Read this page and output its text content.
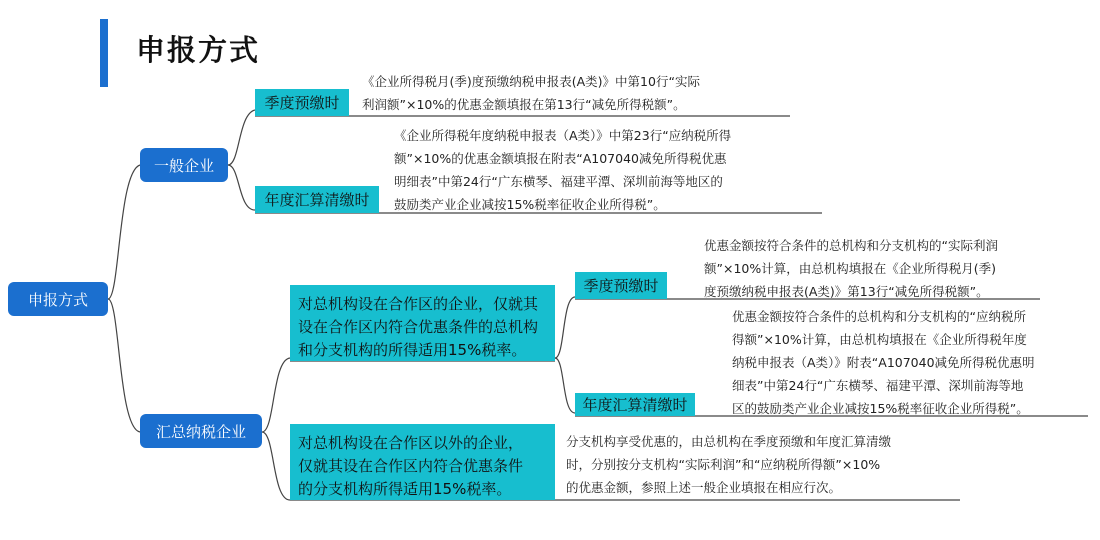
申报方式
申报方式
一般企业
季度预缴时
《企业所得税月(季)度预缴纳税申报表(A类)》中第10行“实际
利润额”×10%的优惠金额填报在第13行“减免所得税额”。
年度汇算清缴时
《企业所得税年度纳税申报表（A类）》中第23行“应纳税所得
额”×10%的优惠金额填报在附表“A107040减免所得税优惠
明细表”中第24行“广东横琴、福建平潭、深圳前海等地区的
鼓励类产业企业减按15%税率征收企业所得税”。
汇总纳税企业
对总机构设在合作区的企业，仅就其
设在合作区内符合优惠条件的总机构
和分支机构的所得适用15%税率。
季度预缴时
优惠金额按符合条件的总机构和分支机构的“实际利润
额”×10%计算，由总机构填报在《企业所得税月(季)
度预缴纳税申报表(A类)》第13行“减免所得税额”。
年度汇算清缴时
优惠金额按符合条件的总机构和分支机构的“应纳税所
得额”×10%计算，由总机构填报在《企业所得税年度
纳税申报表（A类）》附表“A107040减免所得税优惠明
细表”中第24行“广东横琴、福建平潭、深圳前海等地
区的鼓励类产业企业减按15%税率征收企业所得税”。
对总机构设在合作区以外的企业，
仅就其设在合作区内符合优惠条件
的分支机构所得适用15%税率。
分支机构享受优惠的，由总机构在季度预缴和年度汇算清缴
时，分别按分支机构“实际利润”和“应纳税所得额”×10%
的优惠金额，参照上述一般企业填报在相应行次。
